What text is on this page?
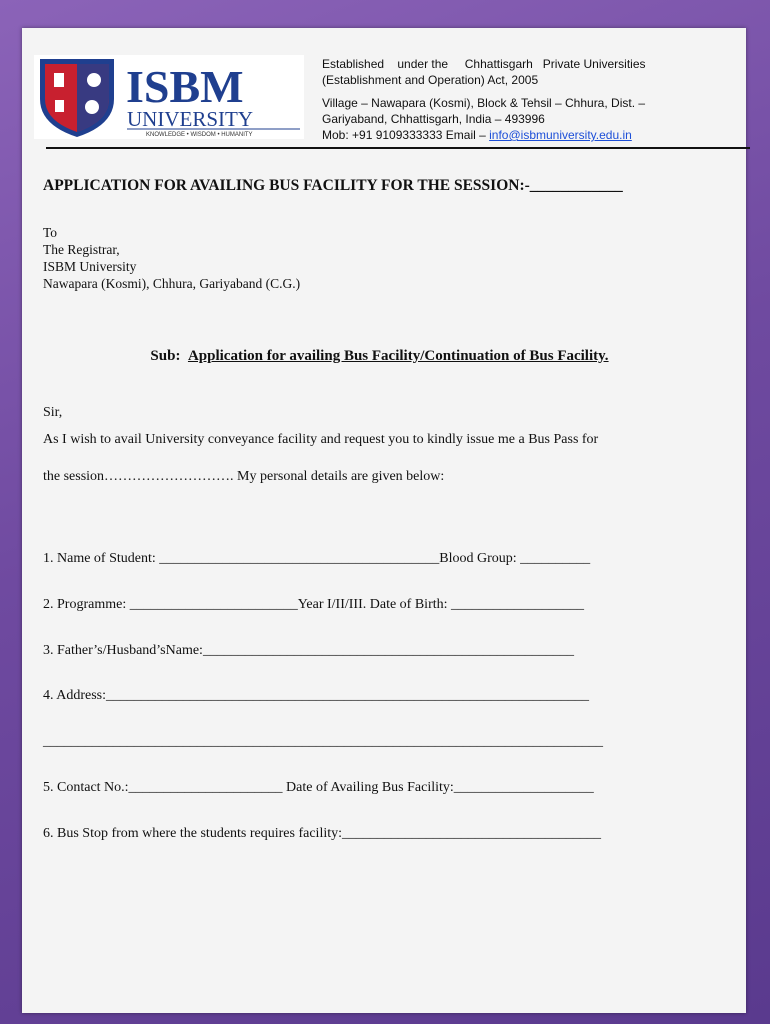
ISBM
UNIVERSITY
KNOWLEDGE • WISDOM • HUMANITY
Established    under the     Chhattisgarh   Private Universities
(Establishment and Operation) Act, 2005
Village – Nawapara (Kosmi), Block & Tehsil – Chhura, Dist. –
Gariyaband, Chhattisgarh, India – 493996
Mob: +91 9109333333 Email – info@isbmuniversity.edu.in
APPLICATION FOR AVAILING BUS FACILITY FOR THE SESSION:-____________
To
The Registrar,
ISBM University
Nawapara (Kosmi), Chhura, Gariyaband (C.G.)
Sub: Application for availing Bus Facility/Continuation of Bus Facility.
Sir,
As I wish to avail University conveyance facility and request you to kindly issue me a Bus Pass for
the session………………………. My personal details are given below:
1. Name of Student: ________________________________________Blood Group: __________
2. Programme: ________________________Year I/II/III. Date of Birth: ___________________
3. Father’s/Husband’sName:_____________________________________________________
4. Address:_____________________________________________________________________
________________________________________________________________________________
5. Contact No.:______________________ Date of Availing Bus Facility:____________________
6. Bus Stop from where the students requires facility:_____________________________________
